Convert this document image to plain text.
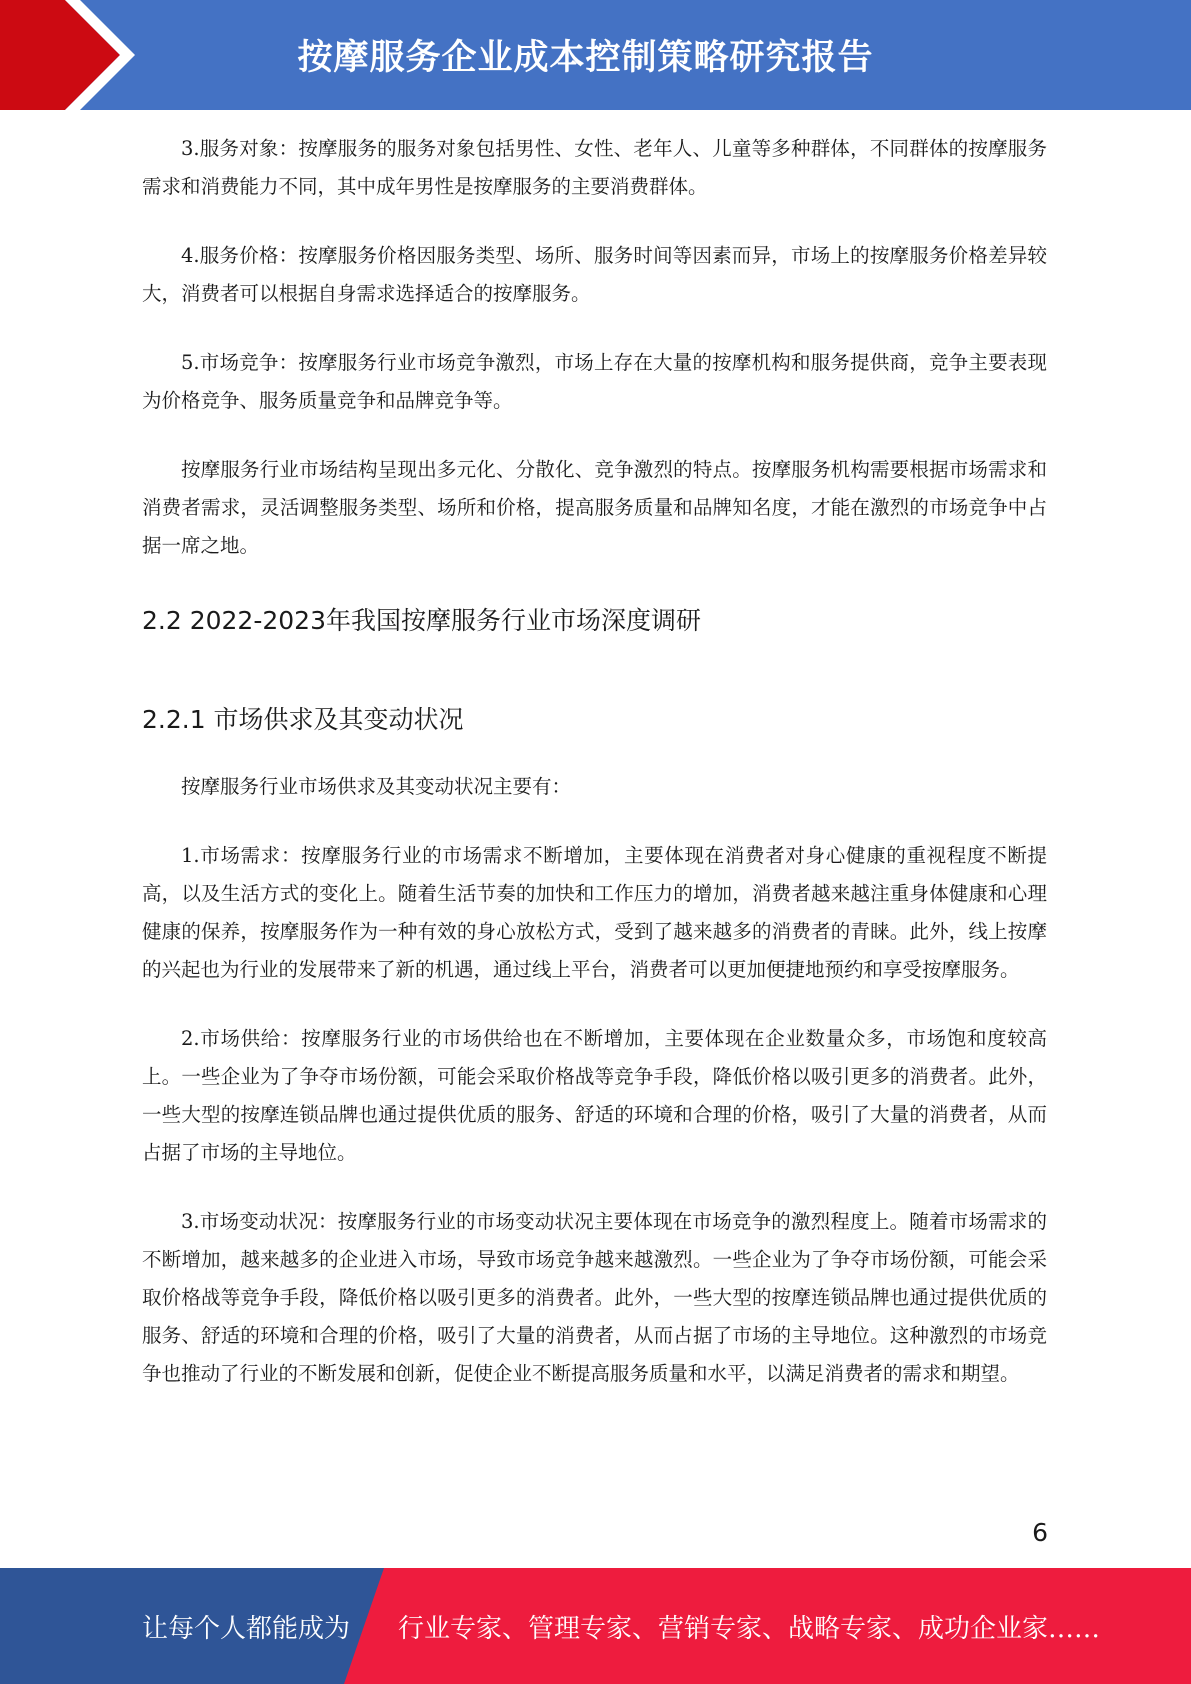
按摩服务企业成本控制策略研究报告

3.服务对象：按摩服务的服务对象包括男性、女性、老年人、儿童等多种群体，不同群体的按摩服务需求和消费能力不同，其中成年男性是按摩服务的主要消费群体。

4.服务价格：按摩服务价格因服务类型、场所、服务时间等因素而异，市场上的按摩服务价格差异较大，消费者可以根据自身需求选择适合的按摩服务。

5.市场竞争：按摩服务行业市场竞争激烈，市场上存在大量的按摩机构和服务提供商，竞争主要表现为价格竞争、服务质量竞争和品牌竞争等。

按摩服务行业市场结构呈现出多元化、分散化、竞争激烈的特点。按摩服务机构需要根据市场需求和消费者需求，灵活调整服务类型、场所和价格，提高服务质量和品牌知名度，才能在激烈的市场竞争中占据一席之地。

2.2 2022-2023年我国按摩服务行业市场深度调研
2.2.1 市场供求及其变动状况

按摩服务行业市场供求及其变动状况主要有：

1.市场需求：按摩服务行业的市场需求不断增加，主要体现在消费者对身心健康的重视程度不断提高，以及生活方式的变化上。随着生活节奏的加快和工作压力的增加，消费者越来越注重身体健康和心理健康的保养，按摩服务作为一种有效的身心放松方式，受到了越来越多的消费者的青睐。此外，线上按摩的兴起也为行业的发展带来了新的机遇，通过线上平台，消费者可以更加便捷地预约和享受按摩服务。

2.市场供给：按摩服务行业的市场供给也在不断增加，主要体现在企业数量众多，市场饱和度较高上。一些企业为了争夺市场份额，可能会采取价格战等竞争手段，降低价格以吸引更多的消费者。此外，一些大型的按摩连锁品牌也通过提供优质的服务、舒适的环境和合理的价格，吸引了大量的消费者，从而占据了市场的主导地位。

3.市场变动状况：按摩服务行业的市场变动状况主要体现在市场竞争的激烈程度上。随着市场需求的不断增加，越来越多的企业进入市场，导致市场竞争越来越激烈。一些企业为了争夺市场份额，可能会采取价格战等竞争手段，降低价格以吸引更多的消费者。此外，一些大型的按摩连锁品牌也通过提供优质的服务、舒适的环境和合理的价格，吸引了大量的消费者，从而占据了市场的主导地位。这种激烈的市场竞争也推动了行业的不断发展和创新，促使企业不断提高服务质量和水平，以满足消费者的需求和期望。

6
让每个人都能成为 行业专家、管理专家、营销专家、战略专家、成功企业家……
